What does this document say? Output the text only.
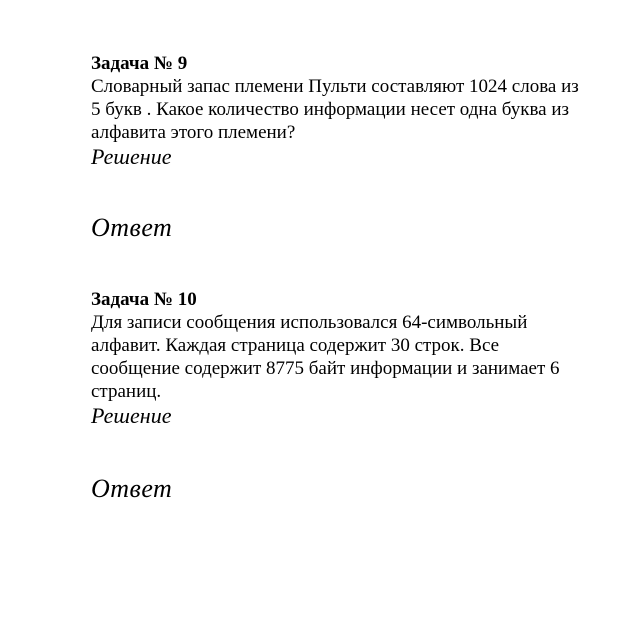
Задача № 9

Словарный запас племени Пульти составляют 1024 слова из
5 букв . Какое количество информации несет одна буква из
алфавита этого племени?

Решение

Ответ

Задача № 10

Для записи сообщения использовался 64-символьный
алфавит. Каждая страница содержит 30 строк. Все
сообщение содержит 8775 байт информации и занимает 6
страниц.

Решение

Ответ
